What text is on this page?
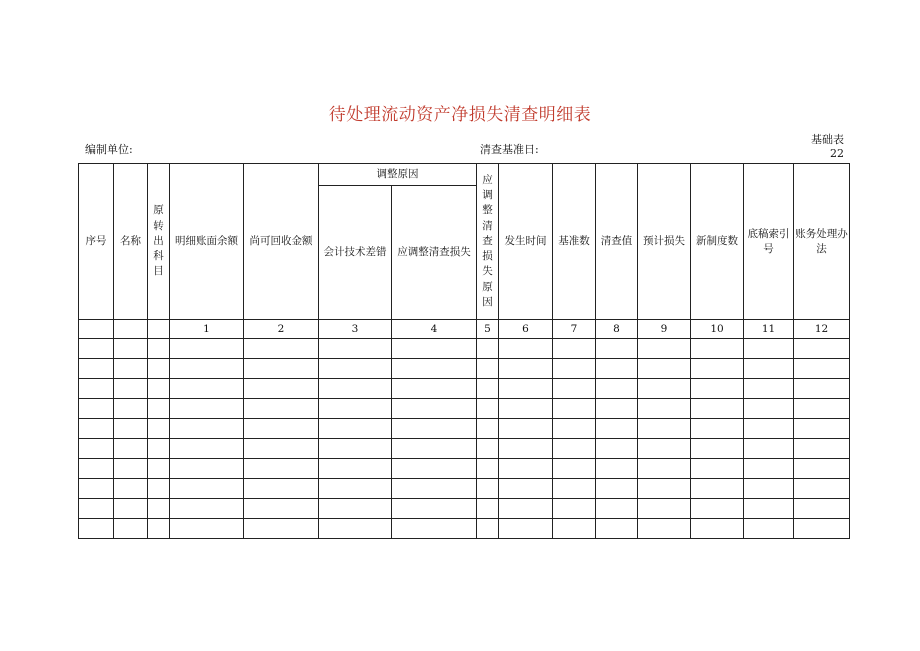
待处理流动资产净损失清查明细表
编制单位:	清查基准日:
基础表
22
序号	名称	原转出科目	明细账面余额	尚可回收金额	调整原因		应调整清查损失原因	发生时间	基准数	清查值	预计损失	新制度数	底稿索引号	账务处理办法
					会计技术差错	应调整清查损失								
			1	2	3	4	5	6	7	8	9	10	11	12
